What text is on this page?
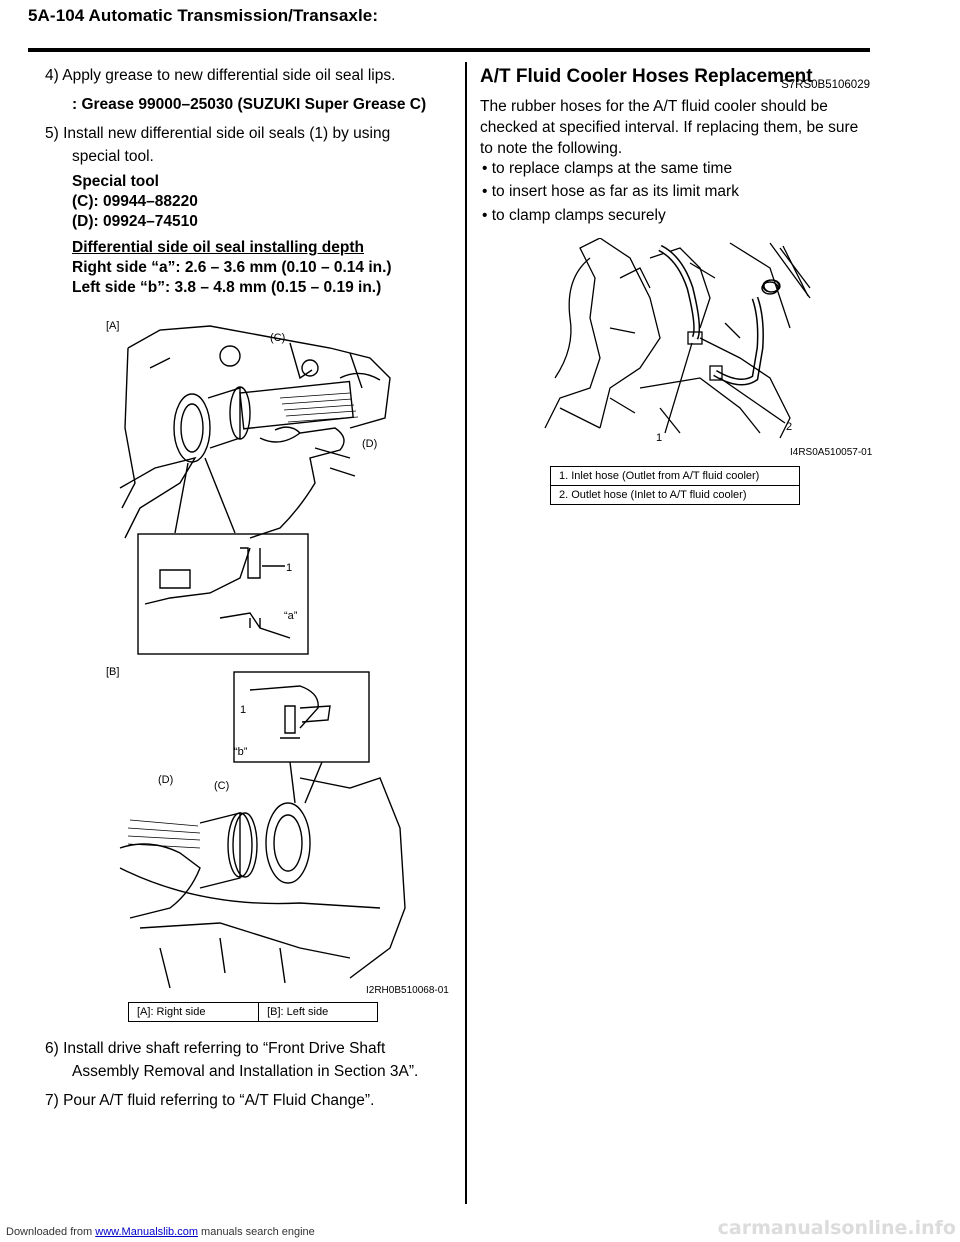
5A-104 Automatic Transmission/Transaxle:
4) Apply grease to new differential side oil seal lips.
: Grease 99000–25030 (SUZUKI Super Grease C)
5) Install new differential side oil seals (1) by using
special tool.
Special tool
(C): 09944–88220
(D): 09924–74510
Differential side oil seal installing depth
Right side “a”: 2.6 – 3.6 mm (0.10 – 0.14 in.)
Left side “b”: 3.8 – 4.8 mm (0.15 – 0.19 in.)
[A]
(C)
(D)
1
“a”
[B]
1
“b”
(D)	(C)
I2RH0B510068-01
[A]: Right side	[B]: Left side
6) Install drive shaft referring to “Front Drive Shaft
Assembly Removal and Installation in Section 3A”.
7) Pour A/T fluid referring to “A/T Fluid Change”.
A/T Fluid Cooler Hoses Replacement
S7RS0B5106029
The rubber hoses for the A/T fluid cooler should be
checked at specified interval. If replacing them, be sure
to note the following.
• to replace clamps at the same time
• to insert hose as far as its limit mark
• to clamp clamps securely
1
2
I4RS0A510057-01
1. Inlet hose (Outlet from A/T fluid cooler)
2. Outlet hose (Inlet to A/T fluid cooler)
Downloaded from www.Manualslib.com manuals search engine	carmanualsonline.info
